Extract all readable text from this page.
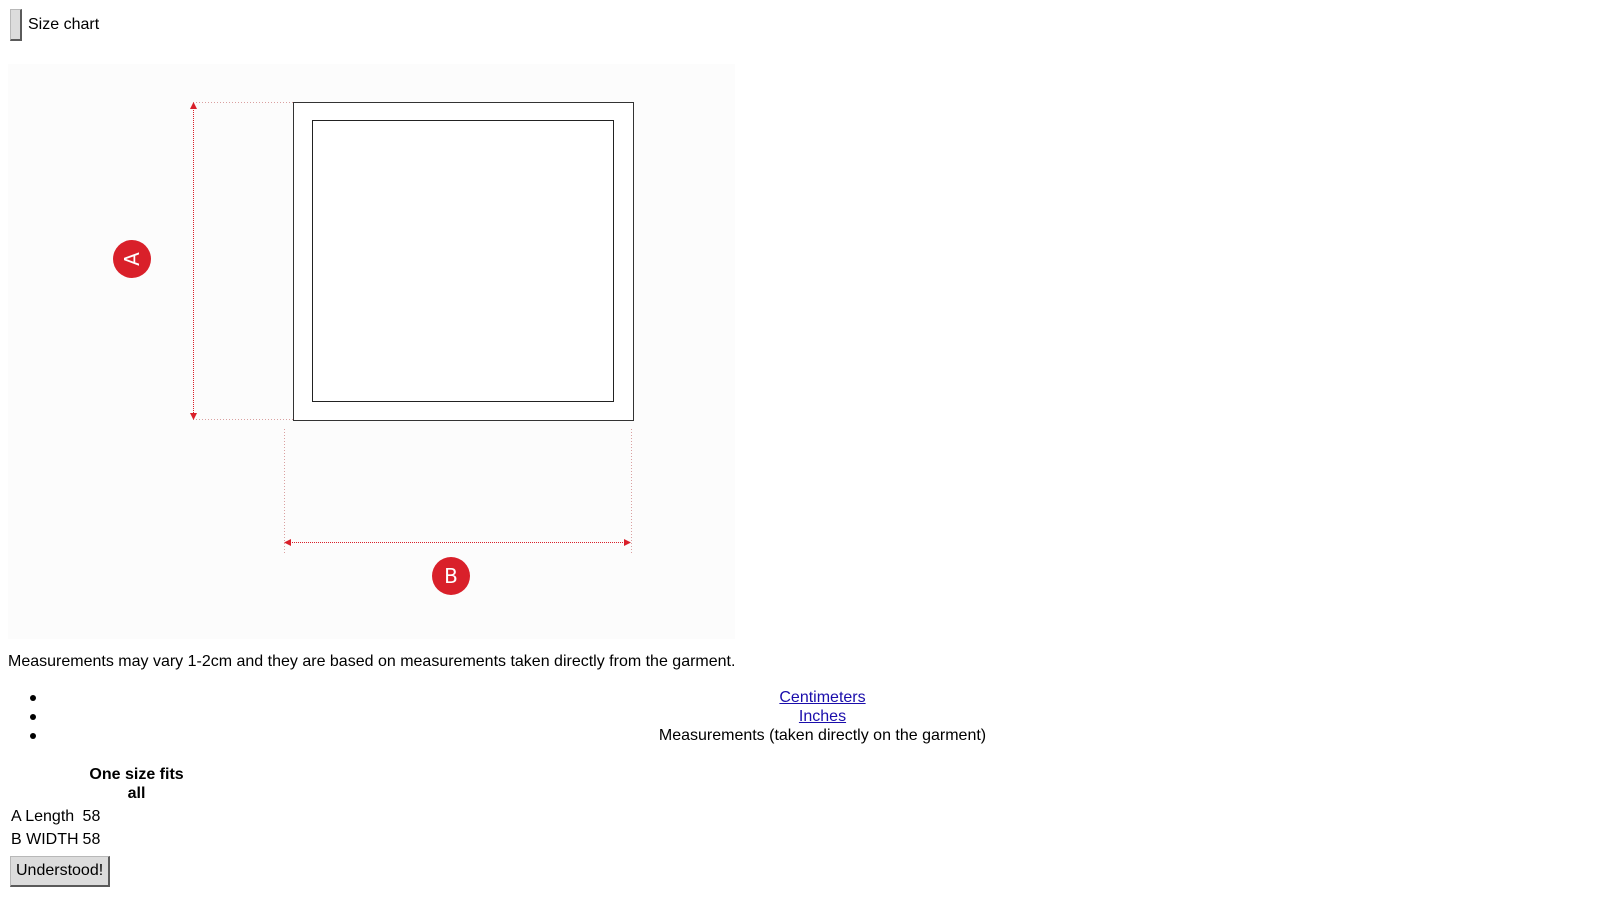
Size chart
A
B
Measurements may vary 1-2cm and they are based on measurements taken directly from the garment.
Centimeters
Inches
Measurements (taken directly on the garment)
	One size fits all
A Length	58
B WIDTH	58
Understood!
